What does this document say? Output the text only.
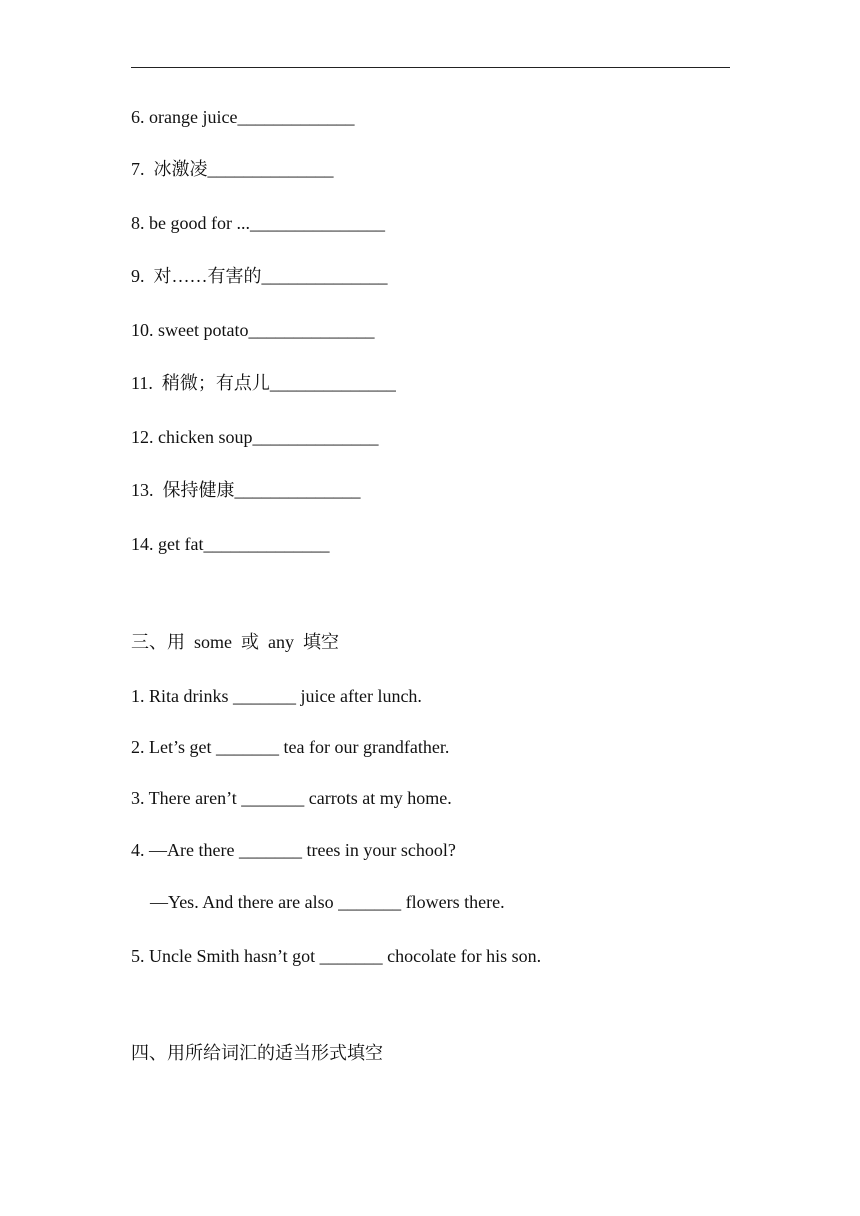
6. orange juice_____________
7.  冰激凌______________
8. be good for ..._______________
9.  对……有害的______________
10. sweet potato______________
11.  稍微；有点儿______________
12. chicken soup______________
13.  保持健康______________
14. get fat______________
三、用  some  或  any  填空
1. Rita drinks _______ juice after lunch.
2. Let’s get _______ tea for our grandfather.
3. There aren’t _______ carrots at my home.
4. —Are there _______ trees in your school?
—Yes. And there are also _______ flowers there.
5. Uncle Smith hasn’t got _______ chocolate for his son.
四、用所给词汇的适当形式填空
